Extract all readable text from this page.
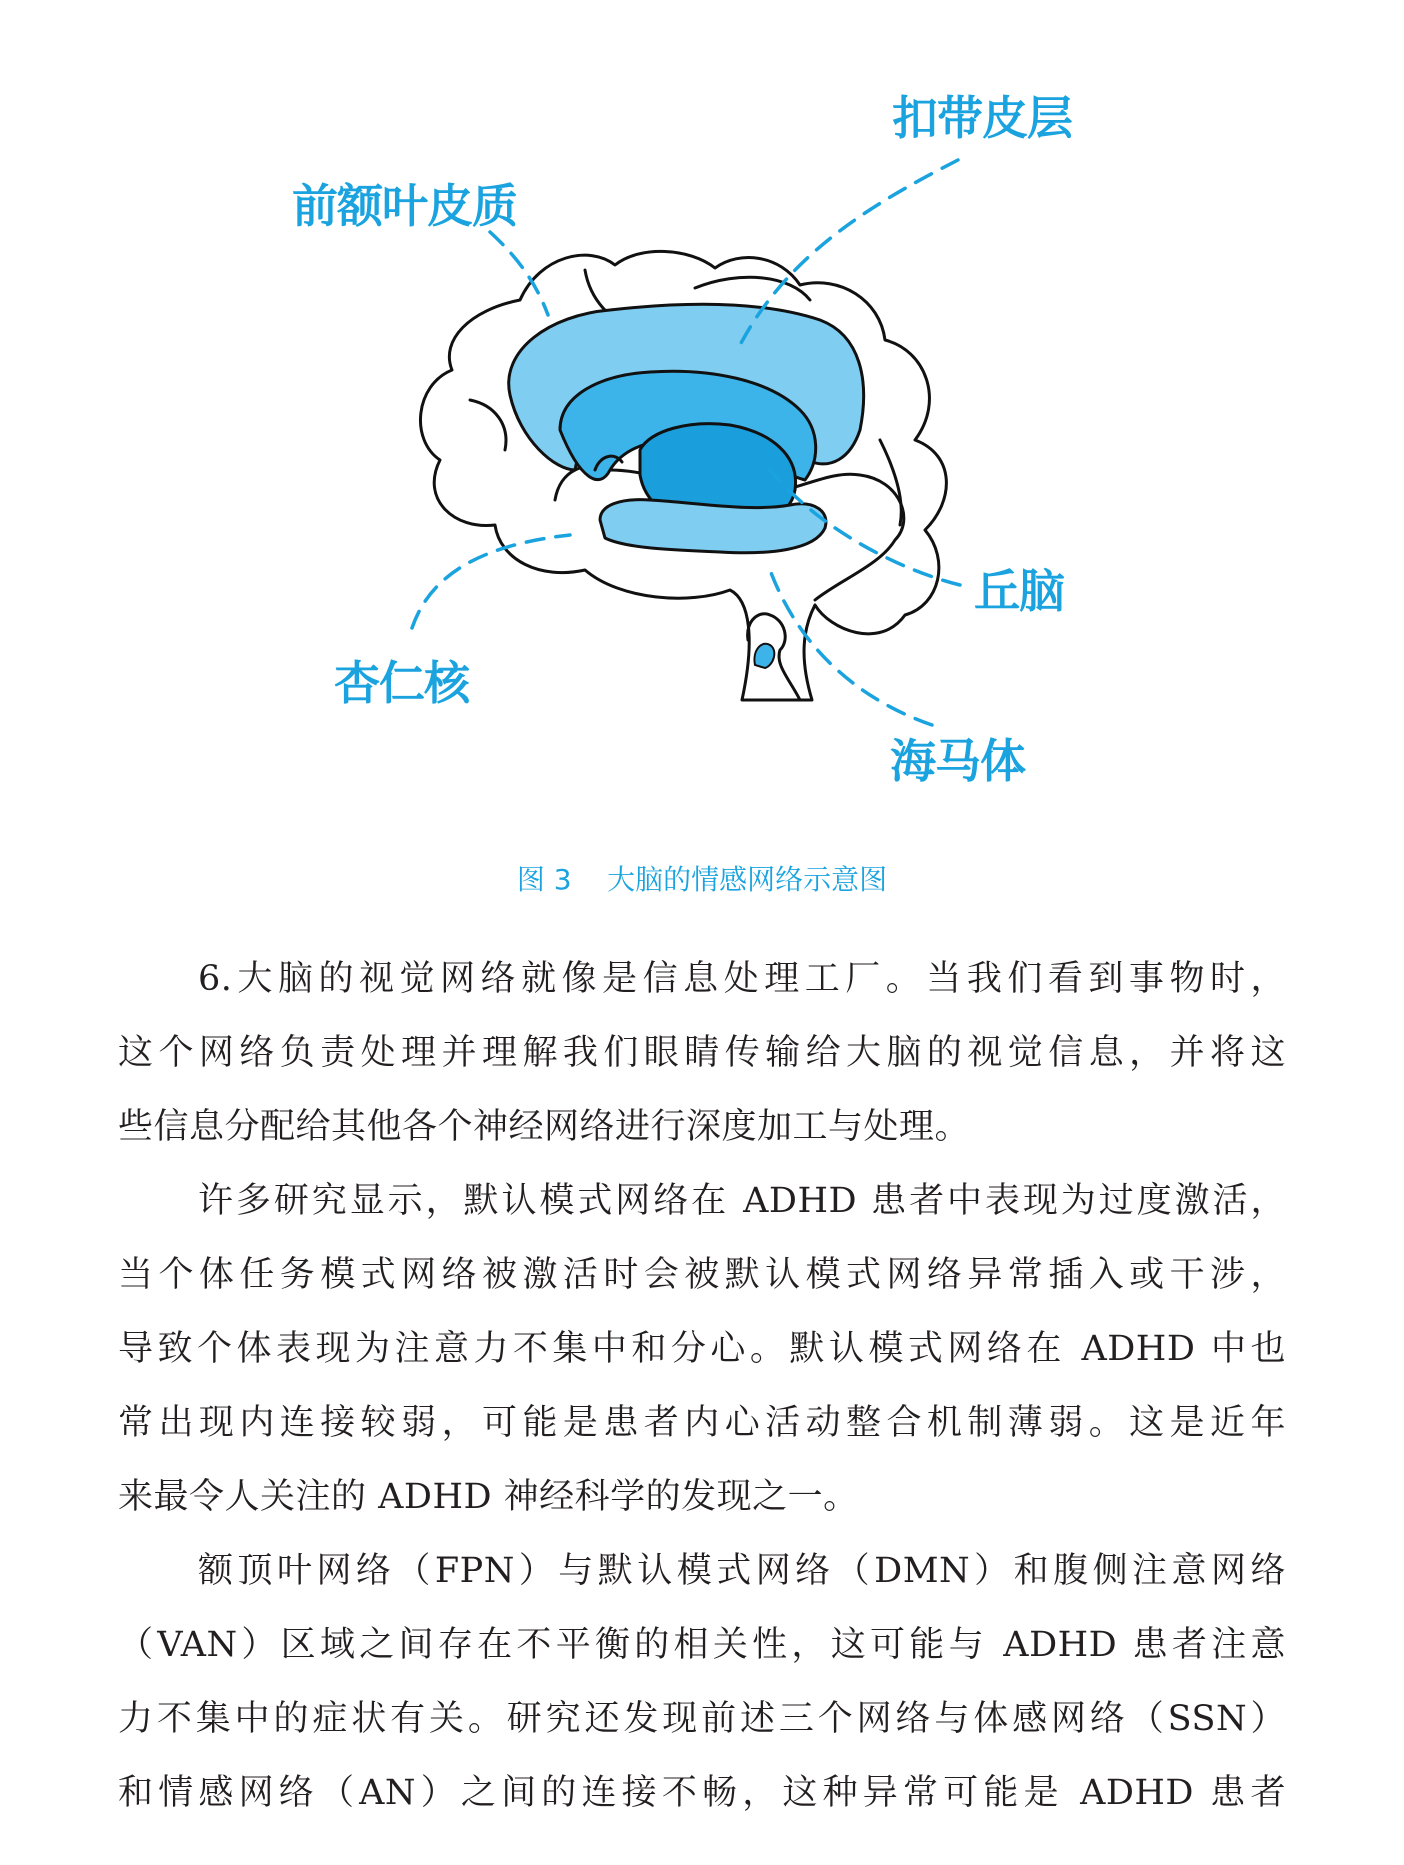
前额叶皮质
扣带皮层
丘脑
杏仁核
海马体
图 3    大脑的情感网络示意图
6.大脑的视觉网络就像是信息处理工厂。当我们看到事物时，
这个网络负责处理并理解我们眼睛传输给大脑的视觉信息，并将这
些信息分配给其他各个神经网络进行深度加工与处理。
许多研究显示，默认模式网络在 ADHD 患者中表现为过度激活，
当个体任务模式网络被激活时会被默认模式网络异常插入或干涉，
导致个体表现为注意力不集中和分心。默认模式网络在 ADHD 中也
常出现内连接较弱，可能是患者内心活动整合机制薄弱。这是近年
来最令人关注的 ADHD 神经科学的发现之一。
额顶叶网络（FPN）与默认模式网络（DMN）和腹侧注意网络
（VAN）区域之间存在不平衡的相关性，这可能与 ADHD 患者注意
力不集中的症状有关。研究还发现前述三个网络与体感网络（SSN）
和情感网络（AN）之间的连接不畅，这种异常可能是 ADHD 患者
